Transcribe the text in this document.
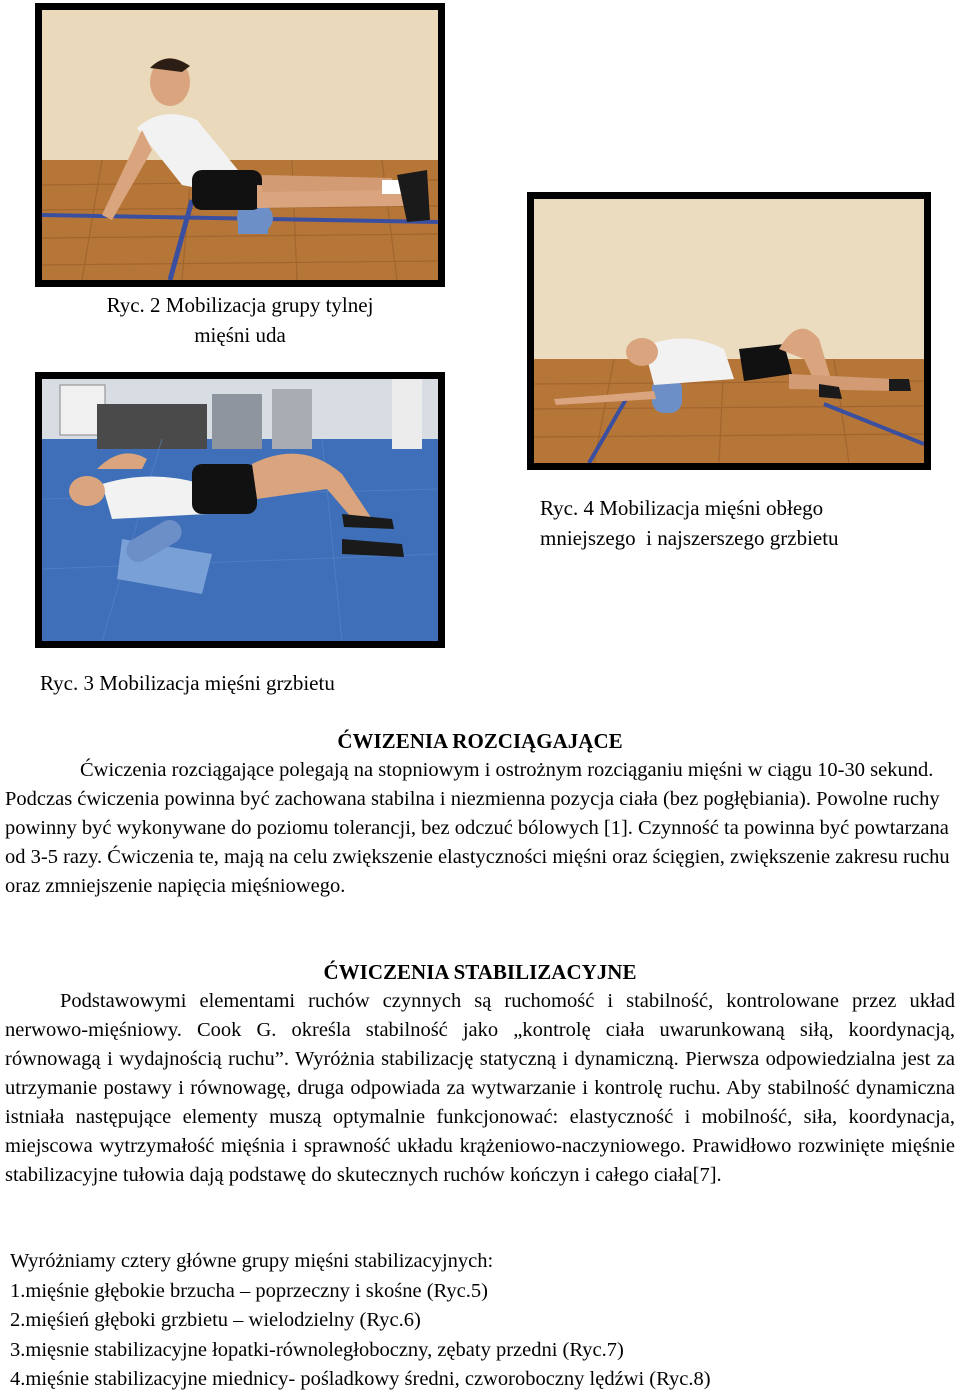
Ryc. 2 Mobilizacja grupy tylnej
mięśni uda
Ryc. 4 Mobilizacja mięśni obłego
mniejszego  i najszerszego grzbietu
Ryc. 3 Mobilizacja mięśni grzbietu
ĆWIZENIA ROZCIĄGAJĄCE

Ćwiczenia rozciągające polegają na stopniowym i ostrożnym rozciąganiu mięśni w ciągu 10-30 sekund. Podczas ćwiczenia powinna być zachowana stabilna i niezmienna pozycja ciała (bez pogłębiania). Powolne ruchy powinny być wykonywane do poziomu tolerancji, bez odczuć bólowych [1]. Czynność ta powinna być powtarzana od 3-5 razy. Ćwiczenia te, mają na celu zwiększenie elastyczności mięśni oraz ścięgien, zwiększenie zakresu ruchu oraz zmniejszenie napięcia mięśniowego.

ĆWICZENIA STABILIZACYJNE

Podstawowymi elementami ruchów czynnych są ruchomość i stabilność, kontrolowane przez układ nerwowo-mięśniowy. Cook G. określa stabilność jako „kontrolę ciała uwarunkowaną siłą, koordynacją, równowagą i wydajnością ruchu”. Wyróżnia stabilizację statyczną i dynamiczną. Pierwsza odpowiedzialna jest za utrzymanie postawy i równowagę, druga odpowiada za wytwarzanie i kontrolę ruchu. Aby stabilność dynamiczna istniała następujące elementy muszą optymalnie funkcjonować: elastyczność i mobilność, siła, koordynacja, miejscowa wytrzymałość mięśnia i sprawność układu krążeniowo-naczyniowego. Prawidłowo rozwinięte mięśnie stabilizacyjne tułowia dają podstawę do skutecznych ruchów kończyn i całego ciała[7].

Wyróżniamy cztery główne grupy mięśni stabilizacyjnych:
1.mięśnie głębokie brzucha – poprzeczny i skośne (Ryc.5)
2.mięśień głęboki grzbietu – wielodzielny (Ryc.6)
3.mięsnie stabilizacyjne łopatki-równoległoboczny, zębaty przedni (Ryc.7)
4.mięśnie stabilizacyjne miednicy- pośladkowy średni, czworoboczny lędźwi (Ryc.8)
